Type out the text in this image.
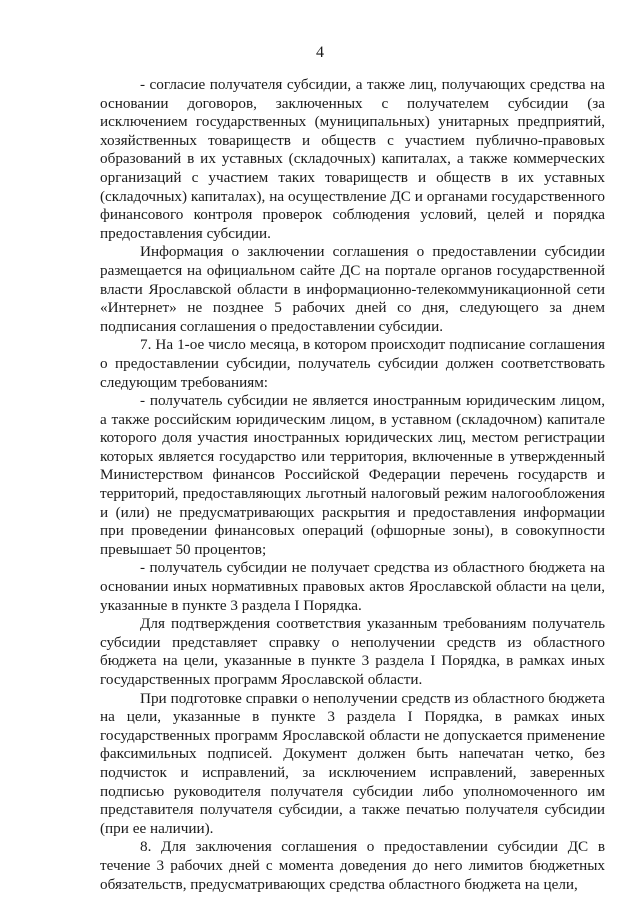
4

- согласие получателя субсидии, а также лиц, получающих средства на основании договоров, заключенных с получателем субсидии (за исключением государственных (муниципальных) унитарных предприятий, хозяйственных товариществ и обществ с участием публично-правовых образований в их уставных (складочных) капиталах, а также коммерческих организаций с участием таких товариществ и обществ в их уставных (складочных) капиталах), на осуществление ДС и органами государственного финансового контроля проверок соблюдения условий, целей и порядка предоставления субсидии.

Информация о заключении соглашения о предоставлении субсидии размещается на официальном сайте ДС на портале органов государственной власти Ярославской области в информационно-телекоммуникационной сети «Интернет» не позднее 5 рабочих дней со дня, следующего за днем подписания соглашения о предоставлении субсидии.

7. На 1-ое число месяца, в котором происходит подписание соглашения о предоставлении субсидии, получатель субсидии должен соответствовать следующим требованиям:

- получатель субсидии не является иностранным юридическим лицом, а также российским юридическим лицом, в уставном (складочном) капитале которого доля участия иностранных юридических лиц, местом регистрации которых является государство или территория, включенные в утвержденный Министерством финансов Российской Федерации перечень государств и территорий, предоставляющих льготный налоговый режим налогообложения и (или) не предусматривающих раскрытия и предоставления информации при проведении финансовых операций (офшорные зоны), в совокупности превышает 50 процентов;

- получатель субсидии не получает средства из областного бюджета на основании иных нормативных правовых актов Ярославской области на цели, указанные в пункте 3 раздела I Порядка.

Для подтверждения соответствия указанным требованиям получатель субсидии представляет справку о неполучении средств из областного бюджета на цели, указанные в пункте 3 раздела I Порядка, в рамках иных государственных программ Ярославской области.

При подготовке справки о неполучении средств из областного бюджета на цели, указанные в пункте 3 раздела I Порядка, в рамках иных государственных программ Ярославской области не допускается применение факсимильных подписей. Документ должен быть напечатан четко, без подчисток и исправлений, за исключением исправлений, заверенных подписью руководителя получателя субсидии либо уполномоченного им представителя получателя субсидии, а также печатью получателя субсидии (при ее наличии).

8. Для заключения соглашения о предоставлении субсидии ДС в течение 3 рабочих дней с момента доведения до него лимитов бюджетных обязательств, предусматривающих средства областного бюджета на цели,
